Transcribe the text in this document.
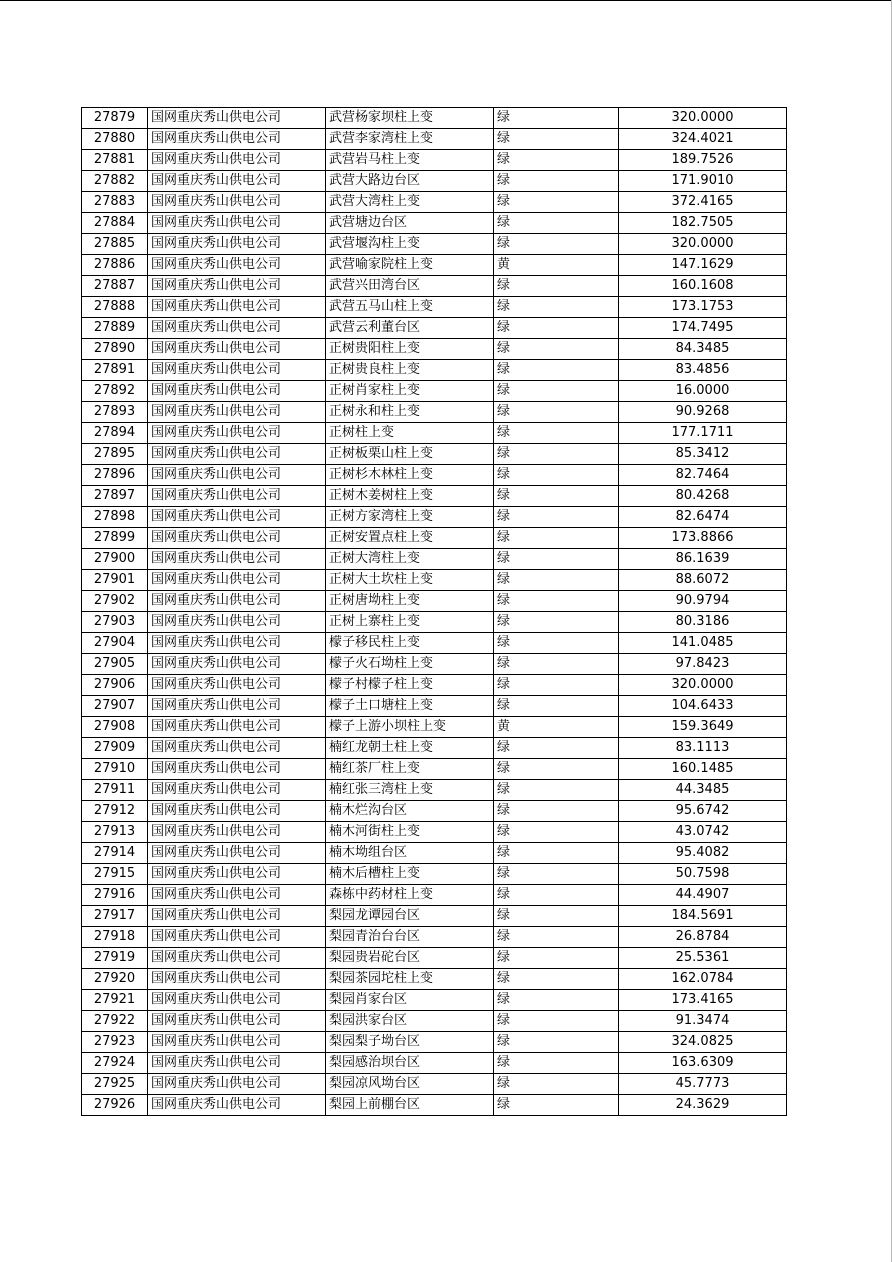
27879	国网重庆秀山供电公司	武营杨家坝柱上变	绿	320.0000
27880	国网重庆秀山供电公司	武营李家湾柱上变	绿	324.4021
27881	国网重庆秀山供电公司	武营岩马柱上变	绿	189.7526
27882	国网重庆秀山供电公司	武营大路边台区	绿	171.9010
27883	国网重庆秀山供电公司	武营大湾柱上变	绿	372.4165
27884	国网重庆秀山供电公司	武营塘边台区	绿	182.7505
27885	国网重庆秀山供电公司	武营堰沟柱上变	绿	320.0000
27886	国网重庆秀山供电公司	武营喻家院柱上变	黄	147.1629
27887	国网重庆秀山供电公司	武营兴田湾台区	绿	160.1608
27888	国网重庆秀山供电公司	武营五马山柱上变	绿	173.1753
27889	国网重庆秀山供电公司	武营云利董台区	绿	174.7495
27890	国网重庆秀山供电公司	正树贵阳柱上变	绿	84.3485
27891	国网重庆秀山供电公司	正树贵良柱上变	绿	83.4856
27892	国网重庆秀山供电公司	正树肖家柱上变	绿	16.0000
27893	国网重庆秀山供电公司	正树永和柱上变	绿	90.9268
27894	国网重庆秀山供电公司	正树柱上变	绿	177.1711
27895	国网重庆秀山供电公司	正树板栗山柱上变	绿	85.3412
27896	国网重庆秀山供电公司	正树杉木林柱上变	绿	82.7464
27897	国网重庆秀山供电公司	正树木姜树柱上变	绿	80.4268
27898	国网重庆秀山供电公司	正树方家湾柱上变	绿	82.6474
27899	国网重庆秀山供电公司	正树安置点柱上变	绿	173.8866
27900	国网重庆秀山供电公司	正树大湾柱上变	绿	86.1639
27901	国网重庆秀山供电公司	正树大土坎柱上变	绿	88.6072
27902	国网重庆秀山供电公司	正树唐坳柱上变	绿	90.9794
27903	国网重庆秀山供电公司	正树上寨柱上变	绿	80.3186
27904	国网重庆秀山供电公司	檬子移民柱上变	绿	141.0485
27905	国网重庆秀山供电公司	檬子火石坳柱上变	绿	97.8423
27906	国网重庆秀山供电公司	檬子村檬子柱上变	绿	320.0000
27907	国网重庆秀山供电公司	檬子土口塘柱上变	绿	104.6433
27908	国网重庆秀山供电公司	檬子上游小坝柱上变	黄	159.3649
27909	国网重庆秀山供电公司	楠红龙朝土柱上变	绿	83.1113
27910	国网重庆秀山供电公司	楠红茶厂柱上变	绿	160.1485
27911	国网重庆秀山供电公司	楠红张三湾柱上变	绿	44.3485
27912	国网重庆秀山供电公司	楠木烂沟台区	绿	95.6742
27913	国网重庆秀山供电公司	楠木河街柱上变	绿	43.0742
27914	国网重庆秀山供电公司	楠木坳组台区	绿	95.4082
27915	国网重庆秀山供电公司	楠木后槽柱上变	绿	50.7598
27916	国网重庆秀山供电公司	森栋中药材柱上变	绿	44.4907
27917	国网重庆秀山供电公司	梨园龙谭园台区	绿	184.5691
27918	国网重庆秀山供电公司	梨园青治台台区	绿	26.8784
27919	国网重庆秀山供电公司	梨园贵岩砣台区	绿	25.5361
27920	国网重庆秀山供电公司	梨园茶园坨柱上变	绿	162.0784
27921	国网重庆秀山供电公司	梨园肖家台区	绿	173.4165
27922	国网重庆秀山供电公司	梨园洪家台区	绿	91.3474
27923	国网重庆秀山供电公司	梨园梨子坳台区	绿	324.0825
27924	国网重庆秀山供电公司	梨园感治坝台区	绿	163.6309
27925	国网重庆秀山供电公司	梨园凉风坳台区	绿	45.7773
27926	国网重庆秀山供电公司	梨园上前棚台区	绿	24.3629
